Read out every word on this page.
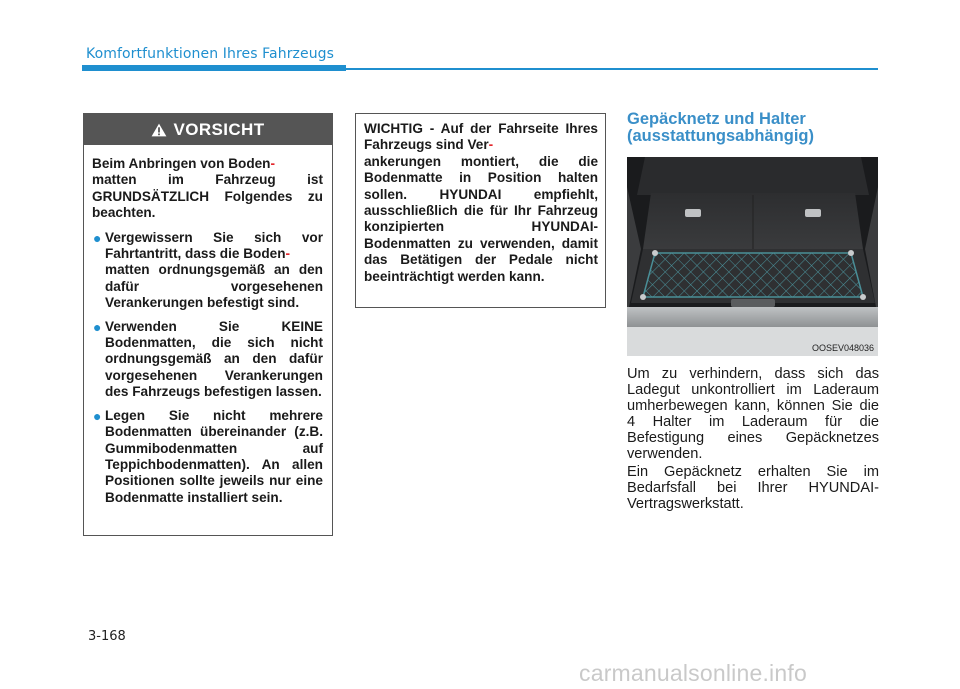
Komfortfunktionen Ihres Fahrzeugs
VORSICHT

Beim Anbringen von Boden-
matten im Fahrzeug ist GRUNDSÄTZLICH Folgendes zu beachten.

● Vergewissern Sie sich vor Fahrtantritt, dass die Boden-
matten ordnungsgemäß an den dafür vorgesehenen Verankerungen befestigt sind.
● Verwenden Sie KEINE Bodenmatten, die sich nicht ordnungsgemäß an den dafür vorgesehenen Verankerungen des Fahrzeugs befestigen lassen.
● Legen Sie nicht mehrere Bodenmatten übereinander (z.B. Gummibodenmatten auf Teppichbodenmatten). An allen Positionen sollte jeweils nur eine Bodenmatte installiert sein.
WICHTIG - Auf der Fahrseite Ihres Fahrzeugs sind Ver-
ankerungen montiert, die die Bodenmatte in Position halten sollen. HYUNDAI empfiehlt, ausschließlich die für Ihr Fahrzeug konzipierten HYUNDAI-Bodenmatten zu verwenden, damit das Betätigen der Pedale nicht beeinträchtigt werden kann.
Gepäcknetz und Halter (ausstattungsabhängig)
OOSEV048036

Um zu verhindern, dass sich das Ladegut unkontrolliert im Laderaum umherbewegen kann, können Sie die 4 Halter im Laderaum für die Befestigung eines Gepäcknetzes verwenden.

Ein Gepäcknetz erhalten Sie im Bedarfsfall bei Ihrer HYUNDAI-Vertragswerkstatt.

3-168
carmanualsonline.info
